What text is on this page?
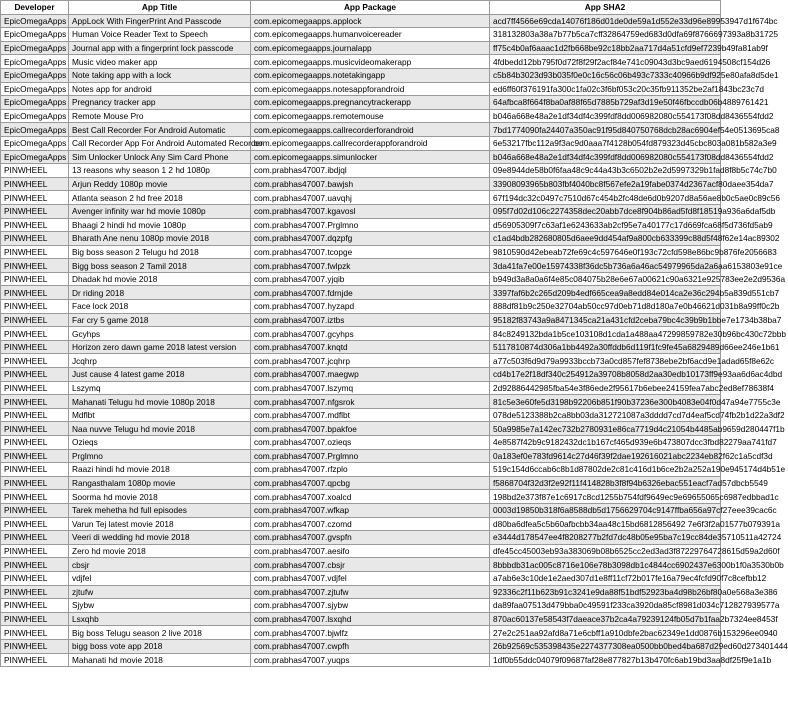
Developer	App Title	App Package	App SHA2
EpicOmegaApps	AppLock With FingerPrint And Passcode	com.epicomegaapps.applock	acd7ff4566e69cda14076f186d01de0de59a1d552e33d96e89953947d1f674bc
EpicOmegaApps	Human Voice Reader Text to Speech	com.epicomegaapps.humanvoicereader	318132803a38a7b77b5ca7cff32864759ed683d0dfa69f8766697393a8b31725
EpicOmegaApps	Journal app with a fingerprint lock passcode	com.epicomegaapps.journalapp	ff75c4b0af6aaac1d2fb668be92c18bb2aa717d4a51cfd9ef7239b49fa81ab9f
EpicOmegaApps	Music video maker app	com.epicomegaapps.musicvideomakerapp	4fdbedd12bb795f0d72f8f29f2acf84e741c09043d3bc9aed6194508cf154d26
EpicOmegaApps	Note taking app with a lock	com.epicomegaapps.notetakingapp	c5b84b3023d93b035f0e0c16c56c06b493c7333c40966b9df925e80afa8d5de1
EpicOmegaApps	Notes app for android	com.epicomegaapps.notesappforandroid	ed6ff60f376191fa300c1fa02c3f6bf053c20c35fb911352be2af1843bc23c7d
EpicOmegaApps	Pregnancy tracker app	com.epicomegaapps.pregnancytrackerapp	64afbca8f664f8ba0af88f65d7885b729af3d19e50f46fbccdb06b4889761421
EpicOmegaApps	Remote Mouse Pro	com.epicomegaapps.remotemouse	b046a668e48a2e1df34df4c399fdf8dd006982080c554173f08dd8436554fdd2
EpicOmegaApps	Best Call Recorder For Android Automatic	com.epicomegaapps.callrecorderforandroid	7bd1774090fa24407a350ac91f95d840750768dcb28ac6904ef54e0513695ca8
EpicOmegaApps	Call Recorder App For Android Automated Recorder	com.epicomegaapps.callrecorderappforandroid	6e53217fbc112a9f3ac9d0aaa7f4128b054fd879323d45cbc803a081b582a3e9
EpicOmegaApps	Sim Unlocker Unlock Any Sim Card Phone	com.epicomegaapps.simunlocker	b046a668e48a2e1df34df4c399fdf8dd006982080c554173f08dd8436554fdd2
PINWHEEL	13 reasons why season 1 2 hd 1080p	com.prabhas47007.ibdjql	09e8944de58b0f6faa48c9c44a43b3c6502b2e2d5997329b1fad8f8b5c74c7b0
PINWHEEL	Arjun Reddy 1080p movie	com.prabhas47007.bawjsh	33908093965b803fbf4040bc8f567efe2a19fabe0374d2367acf80daee354da7
PINWHEEL	Atlanta season 2 hd free 2018	com.prabhas47007.uavqhj	67f194dc32c0497c7510d67c454b2fc48de6d0b9207d8a56ae8b0c5ae0c89c56
PINWHEEL	Avenger infinity war hd movie 1080p	com.prabhas47007.kgavosl	095f7d02d106c2274358dec20abb7dce8f904b86ad5fd8f18519a936a6daf5db
PINWHEEL	Bhaagi 2 hindi hd movie 1080p	com.prabhas47007.Prglmno	d56905309f7c63af1e6243633ab2cf95e7a40177c17d669fca68f5d736fd5ab9
PINWHEEL	Bharath Ane nenu 1080p movie 2018	com.prabhas47007.dqzpfg	c1ad4bdb282680805d6aee9dd454af9a800cb633399c88d5f48f62e14ac89302
PINWHEEL	Big boss season 2 Telugu hd 2018	com.prabhas47007.tcopge	9810590d42ebeab72fe69c4c597646e0f193c72cfd598e86bc9b876fe2056683
PINWHEEL	Bigg boss season 2 Tamil 2018	com.prabhas47007.fwlpzk	3da41fa7e00e15974338f36dc5b736a6a46ac54979965da2a6aa6153803e91ce
PINWHEEL	Dhadak hd movie 2018	com.prabhas47007.yjqib	b949d3a8a0a6f4e85c084075b28e6e67a00621c90a6321e925783ee2e2d9536a
PINWHEEL	Dr riding 2018	com.prabhas47007.fdrnjde	3397faf6b2c265d209b4edf665cea9a8edd84e014ca2e36c294b5a839d551cb7
PINWHEEL	Face lock 2018	com.prabhas47007.hyzapd	888df81b9c250e32704ab50cc97d0eb71d8d180a7e0b46621d031b8a99ff0c2b
PINWHEEL	Far cry 5 game 2018	com.prabhas47007.iztbs	95182f83743a9a8471345ca21a431cfd2ceba79bc4c39b9b1bbe7e1734b38ba7
PINWHEEL	Gcyhps	com.prabhas47007.gcyhps	84c8249132bda1b5ce103108d1cda1a488aa47299859782e30b96bc430c72bbb
PINWHEEL	Horizon zero dawn game 2018 latest version	com.prabhas47007.knqtd	5117810874d306a1bb4492a30ffddb6d119f1fc9fe45a6829489d66ee246e1b61
PINWHEEL	Jcqhrp	com.prabhas47007.jcqhrp	a77c503f6d9d79a9933bccb73a0cd857fef8738ebe2bf6acd9e1adad65f8e62c
PINWHEEL	Just cause 4 latest game 2018	com.prabhas47007.maegwp	cd4b17e2f18df340c254912a39708b8058d2aa30edb10173ff9e93aa6d6ac4dbd
PINWHEEL	Lszymq	com.prabhas47007.lszymq	2d92886442985fba54e3f86ede2f95617b6ebee24159fea7abc2ed8ef78638f4
PINWHEEL	Mahanati Telugu hd movie 1080p 2018	com.prabhas47007.nfgsrok	81c5e3e60fe5d3198b92206b851f90b37236e300b4083e04f0d47a94e7755c3e
PINWHEEL	Mdflbt	com.prabhas47007.mdflbt	078de5123388b2ca8bb03da312721087a3dddd7cd7d4eaf5cd74fb2b1d22a3df2
PINWHEEL	Naa nuvve Telugu hd movie 2018	com.prabhas47007.bpakfoe	50a9985e7a142ec732b2780931e86ca7719d4c21054b4485ab9659d280447f1b
PINWHEEL	Ozieqs	com.prabhas47007.ozieqs	4e8587f42b9c9182432dc1b167cf465d939e6b473807dcc3fbd82279aa741fd7
PINWHEEL	Prglmno	com.prabhas47007.Prglmno	0a183ef0e783fd9614c27d46f39f2dae192616021abc2234eb82f62c1a5cdf3d
PINWHEEL	Raazi hindi hd movie 2018	com.prabhas47007.rfzplo	519c154d6ccab6c8b1d87802de2c81c416d1b6ce2b2a252a190e945174d4b51e
PINWHEEL	Rangasthalam 1080p movie	com.prabhas47007.qpcbg	f5868704f32d3f2e92f11f414828b3f8f94b6326ebac551eacf7ad57dbcb5549
PINWHEEL	Soorma hd movie 2018	com.prabhas47007.xoalcd	198bd2e373f87e1c6917c8cd1255b754fdf9649ec9e69655065c6987edbbad1c
PINWHEEL	Tarek mehetha hd full episodes	com.prabhas47007.wfkap	0003d19850b318f6a8588db5d1756629704c9147ffba656a97cf27eee39cac6c
PINWHEEL	Varun Tej latest movie 2018	com.prabhas47007.czomd	d80ba6dfea5c5b60afbcbb34aa48c15bd6812856492 7e6f3f2a01577b079391a
PINWHEEL	Veeri di wedding hd movie 2018	com.prabhas47007.gvspfn	e3444d178547ee4f8208277b2fd7dc48b05e95ba7c19cc84de35710511a42724
PINWHEEL	Zero hd movie 2018	com.prabhas47007.aesifo	dfe45cc45003eb93a383069b08b6525cc2ed3ad3f87229764728615d59a2d60f
PINWHEEL	cbsjr	com.prabhas47007.cbsjr	8bbbdb31ac005c8716e106e78b3098db1c4844cc6902437e6300b1f0a3530b0b
PINWHEEL	vdjfel	com.prabhas47007.vdjfel	a7ab6e3c10de1e2aed307d1e8ff11cf72b017fe16a79ec4fcfd90f7c8cefbb12
PINWHEEL	zjtufw	com.prabhas47007.zjtufw	92336c2f11b623b91c3241e9da88f51bdf52923ba4d98b26bf80a0e568a3e386
PINWHEEL	Sjybw	com.prabhas47007.sjybw	da89faa07513d479bba0c49591f233ca3920da85cf8981d034c712827939577a
PINWHEEL	Lsxqhb	com.prabhas47007.lsxqhd	870ac60137e58543f7daeace37b2ca4a79239124fb05d7b1faa2b7324ee8453f
PINWHEEL	Big boss Telugu season 2 live 2018	com.prabhas47007.bjwlfz	27e2c251aa92afd8a71e6cbff1a910dbfe2bac62349e1dd0876b153296ee0940
PINWHEEL	bigg boss vote app 2018	com.prabhas47007.cwpfh	26b92569c535398435e2274377308ea0500bb0bed4ba687d29ed60d273401444
PINWHEEL	Mahanati hd movie 2018	com.prabhas47007.yuqps	1df0b55ddc04079f09687faf28e877827b13b470fc6ab19bd3aa8df25f9e1a1b
